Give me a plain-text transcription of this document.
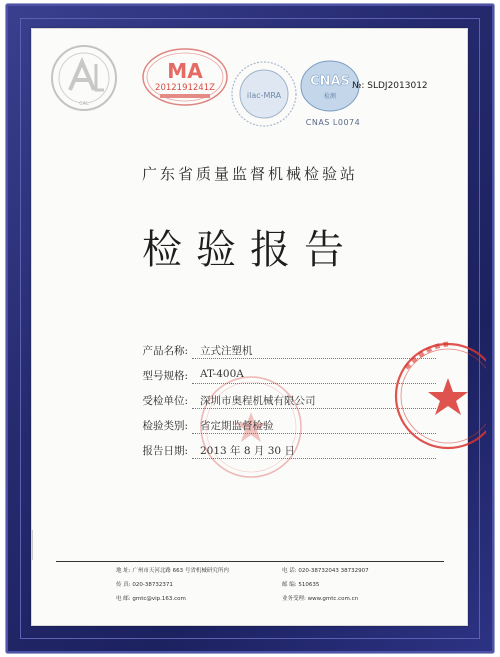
CAL
MA
2012191241Z
ilac-MRA
CNAS
检测
CNAS L0074
№: SLDJ2013012
广东省质量监督机械检验站
检验报告
产品名称: 立式注塑机
型号规格: AT-400A
受检单位: 深圳市奥程机械有限公司
检验类别: 省定期监督检验
报告日期: 2013 年 8 月 30 日
地 址: 广州市天河北路 663 号省机械研究所内
传 真: 020-38732371
电 邮: gmtc@vip.163.com
电 话: 020-38732043 38732907
邮 编: 510635
业务受理: www.gmtc.com.cn
